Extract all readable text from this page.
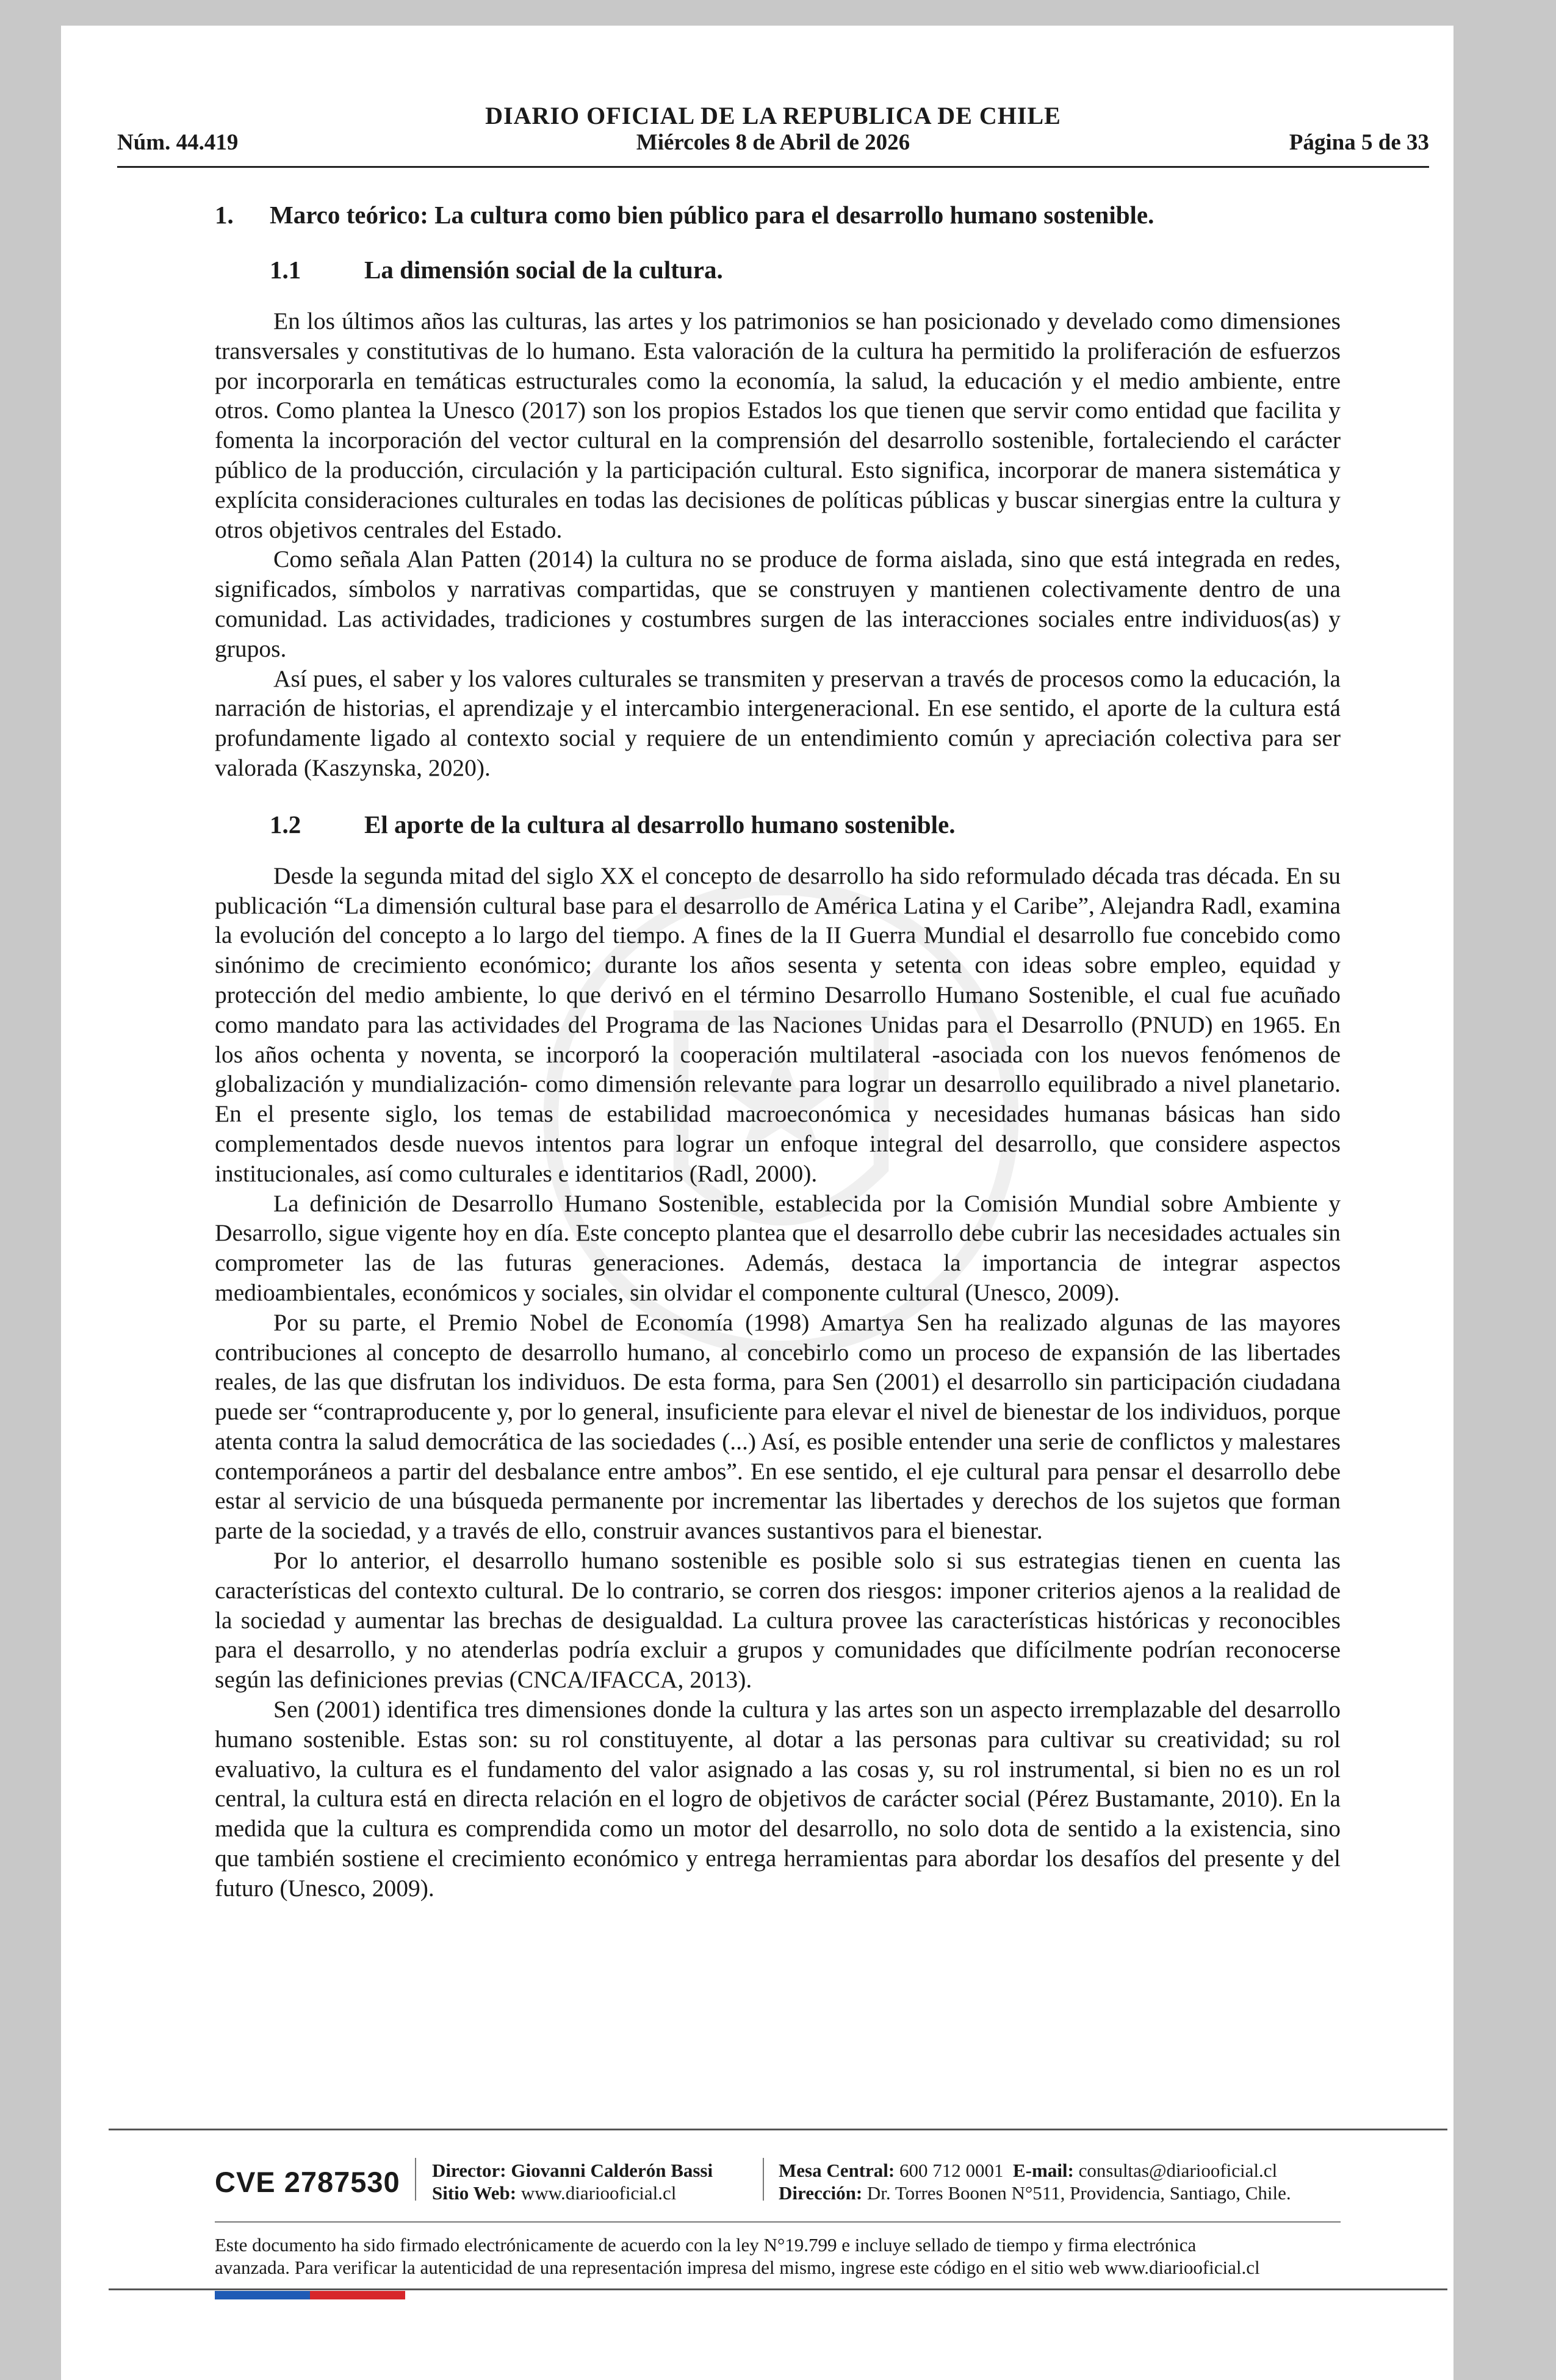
DIARIO OFICIAL DE LA REPUBLICA DE CHILE
Núm. 44.419	Miércoles 8 de Abril de 2026	Página 5 de 33
1. Marco teórico: La cultura como bien público para el desarrollo humano sostenible.
1.1	La dimensión social de la cultura.

En los últimos años las culturas, las artes y los patrimonios se han posicionado y develado como dimensiones transversales y constitutivas de lo humano. Esta valoración de la cultura ha permitido la proliferación de esfuerzos por incorporarla en temáticas estructurales como la economía, la salud, la educación y el medio ambiente, entre otros. Como plantea la Unesco (2017) son los propios Estados los que tienen que servir como entidad que facilita y fomenta la incorporación del vector cultural en la comprensión del desarrollo sostenible, fortaleciendo el carácter público de la producción, circulación y la participación cultural. Esto significa, incorporar de manera sistemática y explícita consideraciones culturales en todas las decisiones de políticas públicas y buscar sinergias entre la cultura y otros objetivos centrales del Estado.

Como señala Alan Patten (2014) la cultura no se produce de forma aislada, sino que está integrada en redes, significados, símbolos y narrativas compartidas, que se construyen y mantienen colectivamente dentro de una comunidad. Las actividades, tradiciones y costumbres surgen de las interacciones sociales entre individuos(as) y grupos.

Así pues, el saber y los valores culturales se transmiten y preservan a través de procesos como la educación, la narración de historias, el aprendizaje y el intercambio intergeneracional. En ese sentido, el aporte de la cultura está profundamente ligado al contexto social y requiere de un entendimiento común y apreciación colectiva para ser valorada (Kaszynska, 2020).

1.2	El aporte de la cultura al desarrollo humano sostenible.

Desde la segunda mitad del siglo XX el concepto de desarrollo ha sido reformulado década tras década. En su publicación “La dimensión cultural base para el desarrollo de América Latina y el Caribe”, Alejandra Radl, examina la evolución del concepto a lo largo del tiempo. A fines de la II Guerra Mundial el desarrollo fue concebido como sinónimo de crecimiento económico; durante los años sesenta y setenta con ideas sobre empleo, equidad y protección del medio ambiente, lo que derivó en el término Desarrollo Humano Sostenible, el cual fue acuñado como mandato para las actividades del Programa de las Naciones Unidas para el Desarrollo (PNUD) en 1965. En los años ochenta y noventa, se incorporó la cooperación multilateral -asociada con los nuevos fenómenos de globalización y mundialización- como dimensión relevante para lograr un desarrollo equilibrado a nivel planetario. En el presente siglo, los temas de estabilidad macroeconómica y necesidades humanas básicas han sido complementados desde nuevos intentos para lograr un enfoque integral del desarrollo, que considere aspectos institucionales, así como culturales e identitarios (Radl, 2000).

La definición de Desarrollo Humano Sostenible, establecida por la Comisión Mundial sobre Ambiente y Desarrollo, sigue vigente hoy en día. Este concepto plantea que el desarrollo debe cubrir las necesidades actuales sin comprometer las de las futuras generaciones. Además, destaca la importancia de integrar aspectos medioambientales, económicos y sociales, sin olvidar el componente cultural (Unesco, 2009).

Por su parte, el Premio Nobel de Economía (1998) Amartya Sen ha realizado algunas de las mayores contribuciones al concepto de desarrollo humano, al concebirlo como un proceso de expansión de las libertades reales, de las que disfrutan los individuos. De esta forma, para Sen (2001) el desarrollo sin participación ciudadana puede ser “contraproducente y, por lo general, insuficiente para elevar el nivel de bienestar de los individuos, porque atenta contra la salud democrática de las sociedades (...) Así, es posible entender una serie de conflictos y malestares contemporáneos a partir del desbalance entre ambos”. En ese sentido, el eje cultural para pensar el desarrollo debe estar al servicio de una búsqueda permanente por incrementar las libertades y derechos de los sujetos que forman parte de la sociedad, y a través de ello, construir avances sustantivos para el bienestar.

Por lo anterior, el desarrollo humano sostenible es posible solo si sus estrategias tienen en cuenta las características del contexto cultural. De lo contrario, se corren dos riesgos: imponer criterios ajenos a la realidad de la sociedad y aumentar las brechas de desigualdad. La cultura provee las características históricas y reconocibles para el desarrollo, y no atenderlas podría excluir a grupos y comunidades que difícilmente podrían reconocerse según las definiciones previas (CNCA/IFACCA, 2013).

Sen (2001) identifica tres dimensiones donde la cultura y las artes son un aspecto irremplazable del desarrollo humano sostenible. Estas son: su rol constituyente, al dotar a las personas para cultivar su creatividad; su rol evaluativo, la cultura es el fundamento del valor asignado a las cosas y, su rol instrumental, si bien no es un rol central, la cultura está en directa relación en el logro de objetivos de carácter social (Pérez Bustamante, 2010). En la medida que la cultura es comprendida como un motor del desarrollo, no solo dota de sentido a la existencia, sino que también sostiene el crecimiento económico y entrega herramientas para abordar los desafíos del presente y del futuro (Unesco, 2009).

CVE 2787530 Director: Giovanni Calderón Bassi
Sitio Web: www.diariooficial.cl
Mesa Central: 600 712 0001 E-mail: consultas@diariooficial.cl
Dirección: Dr. Torres Boonen N°511, Providencia, Santiago, Chile.
Este documento ha sido firmado electrónicamente de acuerdo con la ley N°19.799 e incluye sellado de tiempo y firma electrónica
avanzada. Para verificar la autenticidad de una representación impresa del mismo, ingrese este código en el sitio web www.diariooficial.cl
